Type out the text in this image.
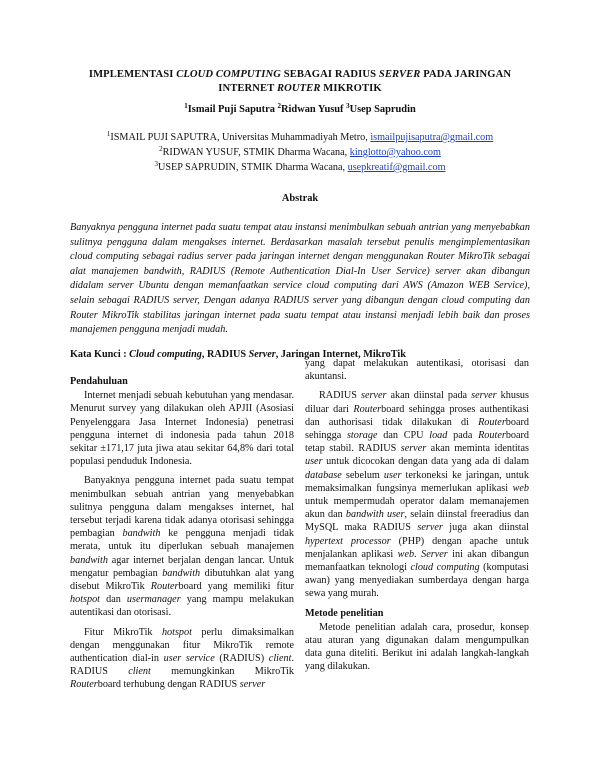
IMPLEMENTASI CLOUD COMPUTING SEBAGAI RADIUS SERVER PADA JARINGAN
INTERNET ROUTER MIKROTIK
$^1$Ismail Puji Saputra $^2$Ridwan Yusuf $^3$Usep Saprudin
$^1$ISMAIL PUJI SAPUTRA, Universitas Muhammadiyah Metro, ismailpujisaputra@gmail.com
$^2$RIDWAN YUSUF, STMIK Dharma Wacana, kinglotto@yahoo.com
$^3$USEP SAPRUDIN, STMIK Dharma Wacana, usepkreatif@gmail.com
Abstrak
Banyaknya pengguna internet pada suatu tempat atau instansi menimbulkan sebuah antrian yang menyebabkan sulitnya pengguna dalam mengakses internet. Berdasarkan masalah tersebut penulis mengimplementasikan cloud computing sebagai radius server pada jaringan internet dengan menggunakan Router MikroTik sebagai alat manajemen bandwith, RADIUS (Remote Authentication Dial-In User Service) server akan dibangun didalam server Ubuntu dengan memanfaatkan service cloud computing dari AWS (Amazon WEB Service), selain sebagai RADIUS server, Dengan adanya RADIUS server yang dibangun dengan cloud computing dan Router MikroTik stabilitas jaringan internet pada suatu tempat atau instansi menjadi lebih baik dan proses manajemen pengguna menjadi mudah.
Kata Kunci : Cloud computing, RADIUS Server, Jaringan Internet, MikroTik
Pendahuluan

Internet menjadi sebuah kebutuhan yang mendasar. Menurut survey yang dilakukan oleh APJII (Asosiasi Penyelenggara Jasa Internet Indonesia) penetrasi pengguna internet di indonesia pada tahun 2018 sekitar ±171,17 juta jiwa atau sekitar 64,8% dari total populasi penduduk Indonesia.

Banyaknya pengguna internet pada suatu tempat menimbulkan sebuah antrian yang menyebabkan sulitnya pengguna dalam mengakses internet, hal tersebut terjadi karena tidak adanya otorisasi sehingga pembagian bandwith ke pengguna menjadi tidak merata, untuk itu diperlukan sebuah manajemen bandwith agar internet berjalan dengan lancar. Untuk mengatur pembagian bandwith dibutuhkan alat yang disebut MikroTik Routerboard yang memiliki fitur hotspot dan usermanager yang mampu melakukan autentikasi dan otorisasi.

Fitur MikroTik hotspot perlu dimaksimalkan dengan menggunakan fitur MikroTik remote authentication dial-in user service (RADIUS) client. RADIUS client memungkinkan MikroTik Routerboard terhubung dengan RADIUS server

yang dapat melakukan autentikasi, otorisasi dan akuntansi.

RADIUS server akan diinstal pada server khusus diluar dari Routerboard sehingga proses authentikasi dan authorisasi tidak dilakukan di Routerboard sehingga storage dan CPU load pada Routerboard tetap stabil. RADIUS server akan meminta identitas user untuk dicocokan dengan data yang ada di dalam database sebelum user terkoneksi ke jaringan, untuk memaksimalkan fungsinya memerlukan aplikasi web untuk mempermudah operator dalam memanajemen akun dan bandwith user, selain diinstal freeradius dan MySQL maka RADIUS server juga akan diinstal hypertext processor (PHP) dengan apache untuk menjalankan aplikasi web. Server ini akan dibangun memanfaatkan teknologi cloud computing (komputasi awan) yang menyediakan sumberdaya dengan harga sewa yang murah.

Metode penelitian

Metode penelitian adalah cara, prosedur, konsep atau aturan yang digunakan dalam mengumpulkan data guna diteliti. Berikut ini adalah langkah-langkah yang dilakukan.
